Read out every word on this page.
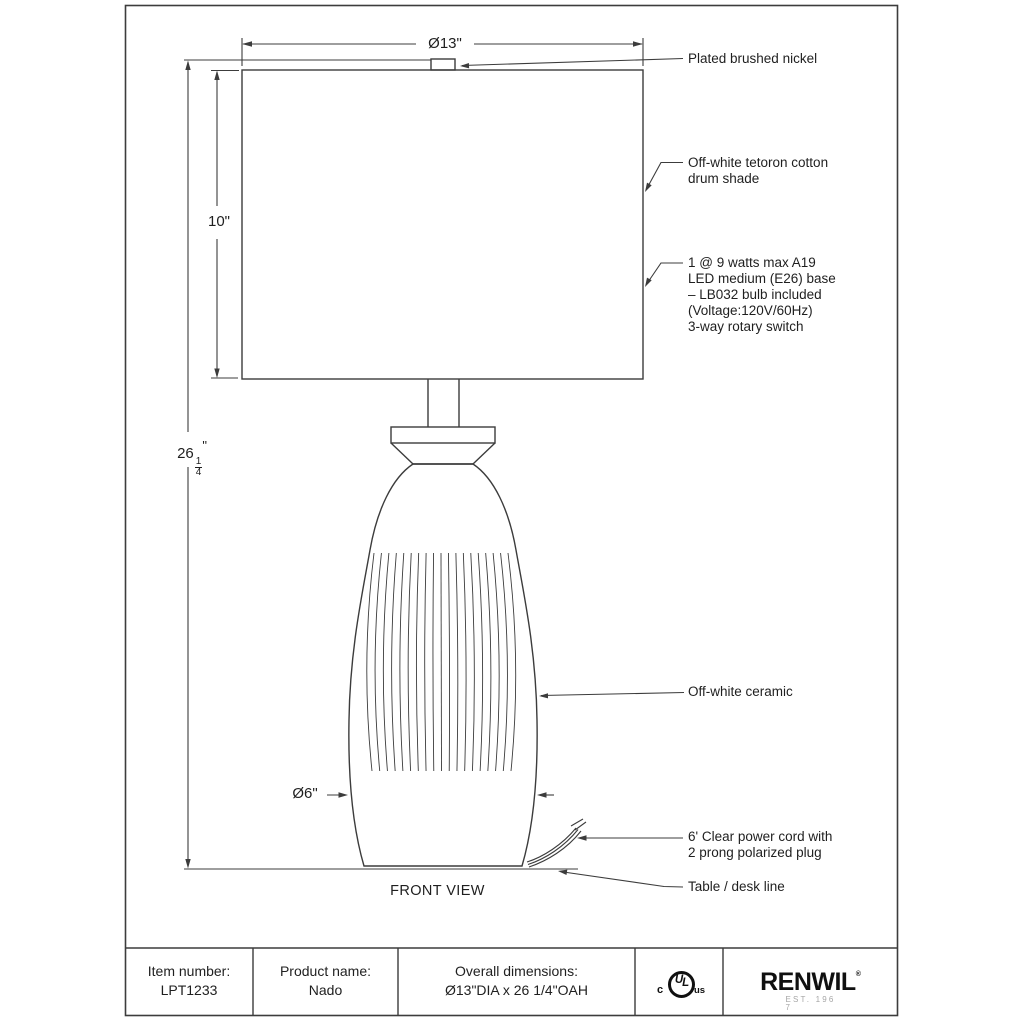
Ø13"
10"
26
$\frac{1}{4}$
"
Ø6"
Plated brushed nickel
Off-white tetoron cotton
drum shade
1 @ 9 watts max A19
LED medium (E26) base
– LB032 bulb included
(Voltage:120V/60Hz)
3-way rotary switch
Off-white ceramic
6' Clear power cord with
2 prong polarized plug
Table / desk line
FRONT VIEW
Item number:
LPT1233
Product name:
Nado
Overall dimensions:
Ø13"DIA x 26 1/4"OAH	c
UL
us	RENWIL®
EST. 196
7
